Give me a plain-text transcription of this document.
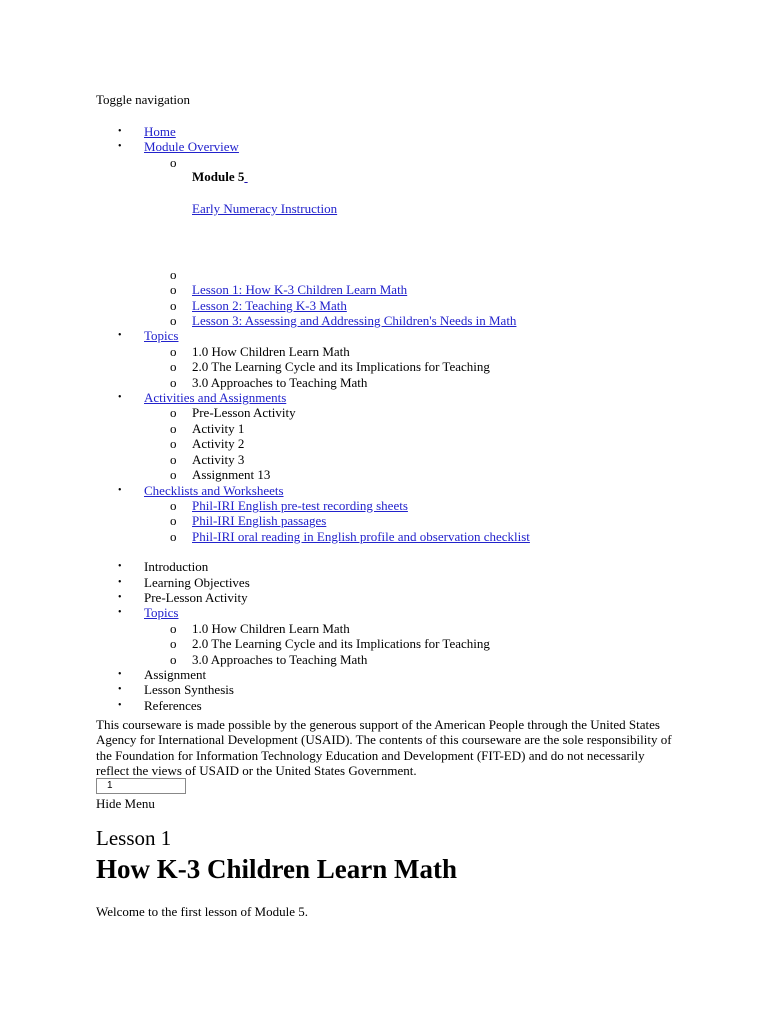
Toggle navigation
• Home
• Module Overview
o
Module 5
Early Numeracy Instruction
o

o Lesson 1: How K-3 Children Learn Math
o Lesson 2: Teaching K-3 Math
o Lesson 3: Assessing and Addressing Children's Needs in Math
• Topics
o 1.0 How Children Learn Math
o 2.0 The Learning Cycle and its Implications for Teaching
o 3.0 Approaches to Teaching Math
• Activities and Assignments
o Pre-Lesson Activity
o Activity 1
o Activity 2
o Activity 3
o Assignment 13
• Checklists and Worksheets
o Phil-IRI English pre-test recording sheets
o Phil-IRI English passages
o Phil-IRI oral reading in English profile and observation checklist
• Introduction
• Learning Objectives
• Pre-Lesson Activity
• Topics
o 1.0 How Children Learn Math
o 2.0 The Learning Cycle and its Implications for Teaching
o 3.0 Approaches to Teaching Math
• Assignment
• Lesson Synthesis
• References
This courseware is made possible by the generous support of the American People through the United States Agency for International Development (USAID). The contents of this courseware are the sole responsibility of the Foundation for Information Technology Education and Development (FIT-ED) and do not necessarily reflect the views of USAID or the United States Government.
1
Hide Menu
Lesson 1
How K-3 Children Learn Math
Welcome to the first lesson of Module 5.
